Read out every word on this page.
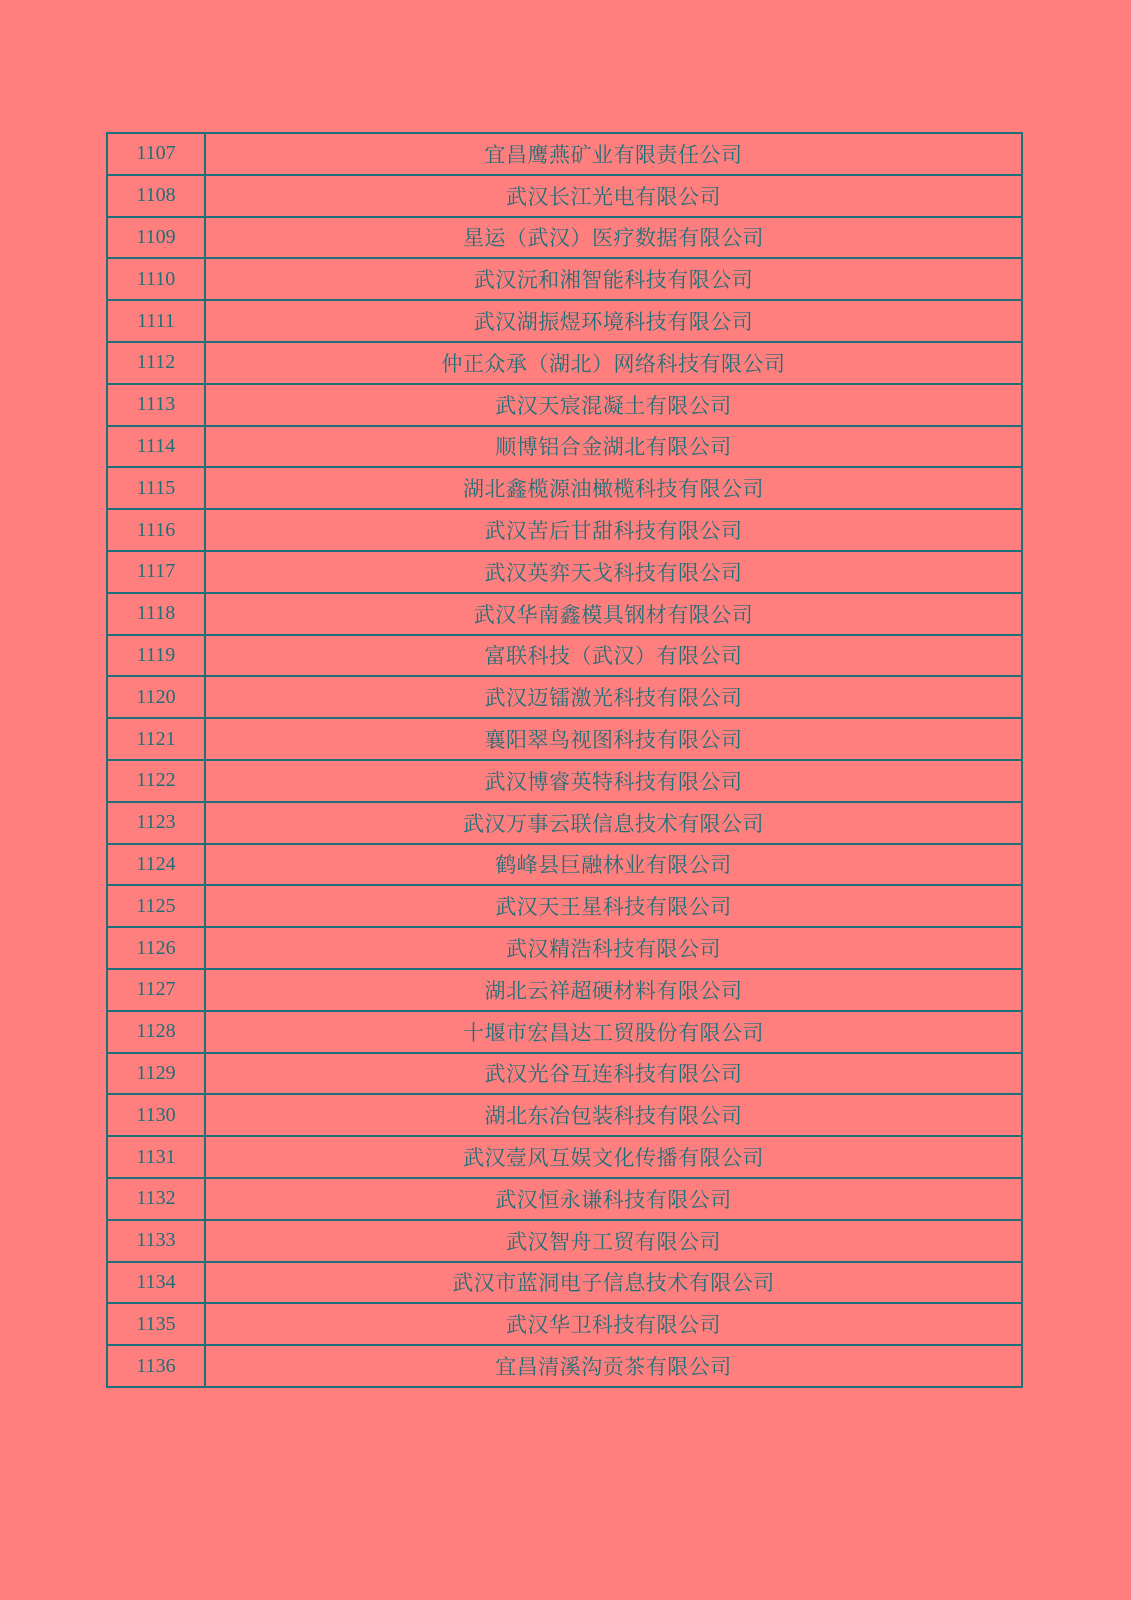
1107	宜昌鹰燕矿业有限责任公司
1108	武汉长江光电有限公司
1109	星运（武汉）医疗数据有限公司
1110	武汉沅和湘智能科技有限公司
1111	武汉湖振煜环境科技有限公司
1112	仲正众承（湖北）网络科技有限公司
1113	武汉天宸混凝土有限公司
1114	顺博铝合金湖北有限公司
1115	湖北鑫榄源油橄榄科技有限公司
1116	武汉苦后甘甜科技有限公司
1117	武汉英弈天戈科技有限公司
1118	武汉华南鑫模具钢材有限公司
1119	富联科技（武汉）有限公司
1120	武汉迈镭激光科技有限公司
1121	襄阳翠鸟视图科技有限公司
1122	武汉博睿英特科技有限公司
1123	武汉万事云联信息技术有限公司
1124	鹤峰县巨融林业有限公司
1125	武汉天王星科技有限公司
1126	武汉精浩科技有限公司
1127	湖北云祥超硬材料有限公司
1128	十堰市宏昌达工贸股份有限公司
1129	武汉光谷互连科技有限公司
1130	湖北东冶包装科技有限公司
1131	武汉壹风互娱文化传播有限公司
1132	武汉恒永谦科技有限公司
1133	武汉智舟工贸有限公司
1134	武汉市蓝洞电子信息技术有限公司
1135	武汉华卫科技有限公司
1136	宜昌清溪沟贡茶有限公司
